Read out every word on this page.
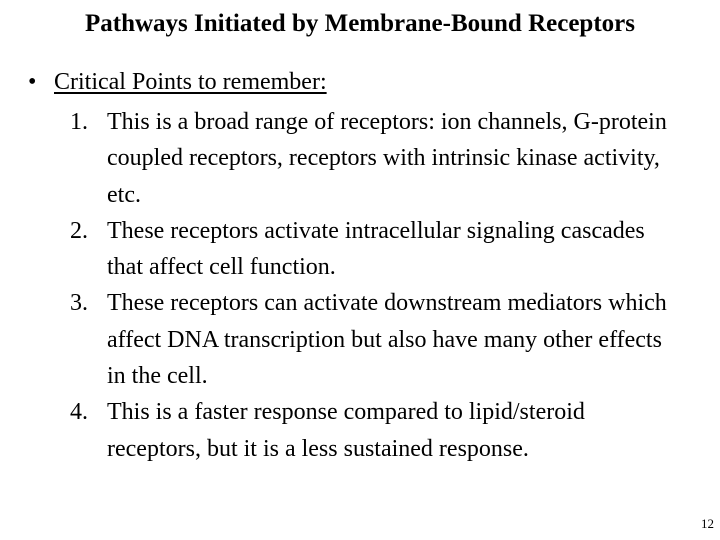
Pathways Initiated by Membrane-Bound Receptors
• Critical Points to remember:
1. This is a broad range of receptors: ion channels, G-protein coupled receptors, receptors with intrinsic kinase activity, etc.
2. These receptors activate intracellular signaling cascades that affect cell function.
3. These receptors can activate downstream mediators which affect DNA transcription but also have many other effects in the cell.
4. This is a faster response compared to lipid/steroid receptors, but it is a less sustained response.
12
